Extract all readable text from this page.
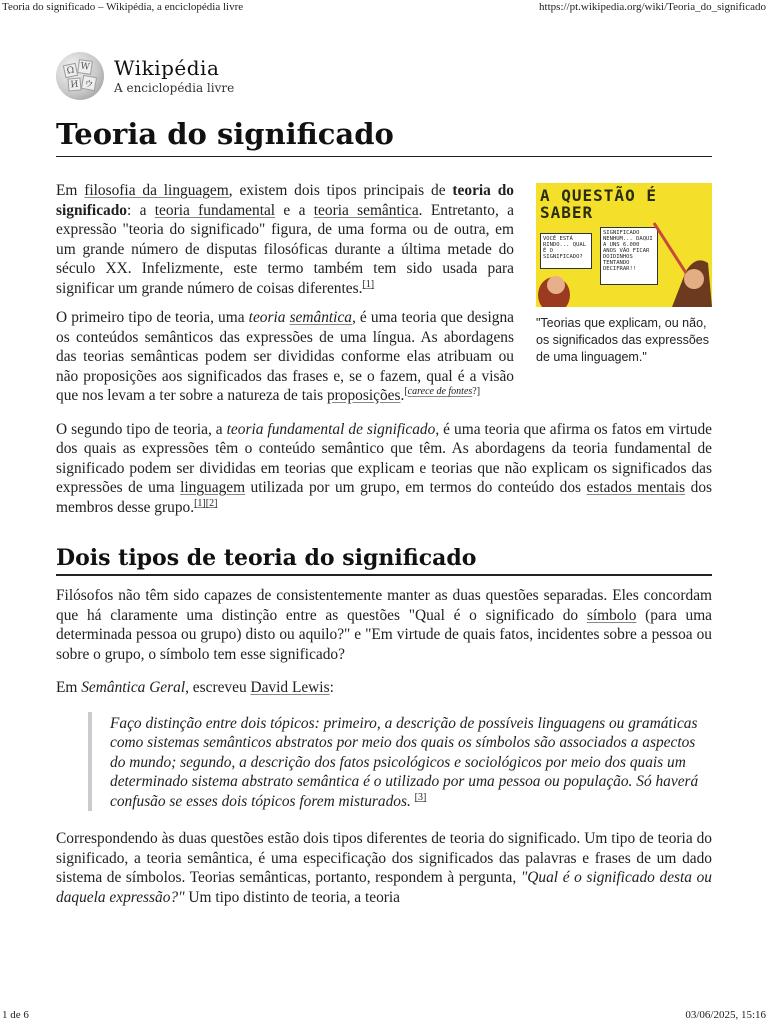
Teoria do significado – Wikipédia, a enciclopédia livre	https://pt.wikipedia.org/wiki/Teoria_do_significado
Ω W
И ウ
Wikipédia
A enciclopédia livre
Teoria do significado
A QUESTÃO É SABER
VOCÊ ESTÁ RINDO... QUAL É O SIGNIFICADO?
SIGNIFICADO NENHUM... DAQUI A UNS 6.000 ANOS VÃO FICAR DOIDINHOS TENTANDO DECIFRAR!!
"Teorias que explicam, ou não, os significados das expressões de uma linguagem."

Em filosofia da linguagem, existem dois tipos principais de teoria do significado: a teoria fundamental e a teoria semântica. Entretanto, a expressão "teoria do significado" figura, de uma forma ou de outra, em um grande número de disputas filosóficas durante a última metade do século XX. Infelizmente, este termo também tem sido usada para significar um grande número de coisas diferentes.[1]

O primeiro tipo de teoria, uma teoria semântica, é uma teoria que designa os conteúdos semânticos das expressões de uma língua. As abordagens das teorias semânticas podem ser divididas conforme elas atribuam ou não proposições aos significados das frases e, se o fazem, qual é a visão que nos levam a ter sobre a natureza de tais proposições.[carece de fontes?]

O segundo tipo de teoria, a teoria fundamental de significado, é uma teoria que afirma os fatos em virtude dos quais as expressões têm o conteúdo semântico que têm. As abordagens da teoria fundamental de significado podem ser divididas em teorias que explicam e teorias que não explicam os significados das expressões de uma linguagem utilizada por um grupo, em termos do conteúdo dos estados mentais dos membros desse grupo.[1][2]

Dois tipos de teoria do significado

Filósofos não têm sido capazes de consistentemente manter as duas questões separadas. Eles concordam que há claramente uma distinção entre as questões "Qual é o significado do símbolo (para uma determinada pessoa ou grupo) disto ou aquilo?" e "Em virtude de quais fatos, incidentes sobre a pessoa ou sobre o grupo, o símbolo tem esse significado?

Em Semântica Geral, escreveu David Lewis:

Faço distinção entre dois tópicos: primeiro, a descrição de possíveis linguagens ou gramáticas como sistemas semânticos abstratos por meio dos quais os símbolos são associados a aspectos do mundo; segundo, a descrição dos fatos psicológicos e sociológicos por meio dos quais um determinado sistema abstrato semântica é o utilizado por uma pessoa ou população. Só haverá confusão se esses dois tópicos forem misturados. [3]

Correspondendo às duas questões estão dois tipos diferentes de teoria do significado. Um tipo de teoria do significado, a teoria semântica, é uma especificação dos significados das palavras e frases de um dado sistema de símbolos. Teorias semânticas, portanto, respondem à pergunta, "Qual é o significado desta ou daquela expressão?" Um tipo distinto de teoria, a teoria

1 de 6	03/06/2025, 15:16
